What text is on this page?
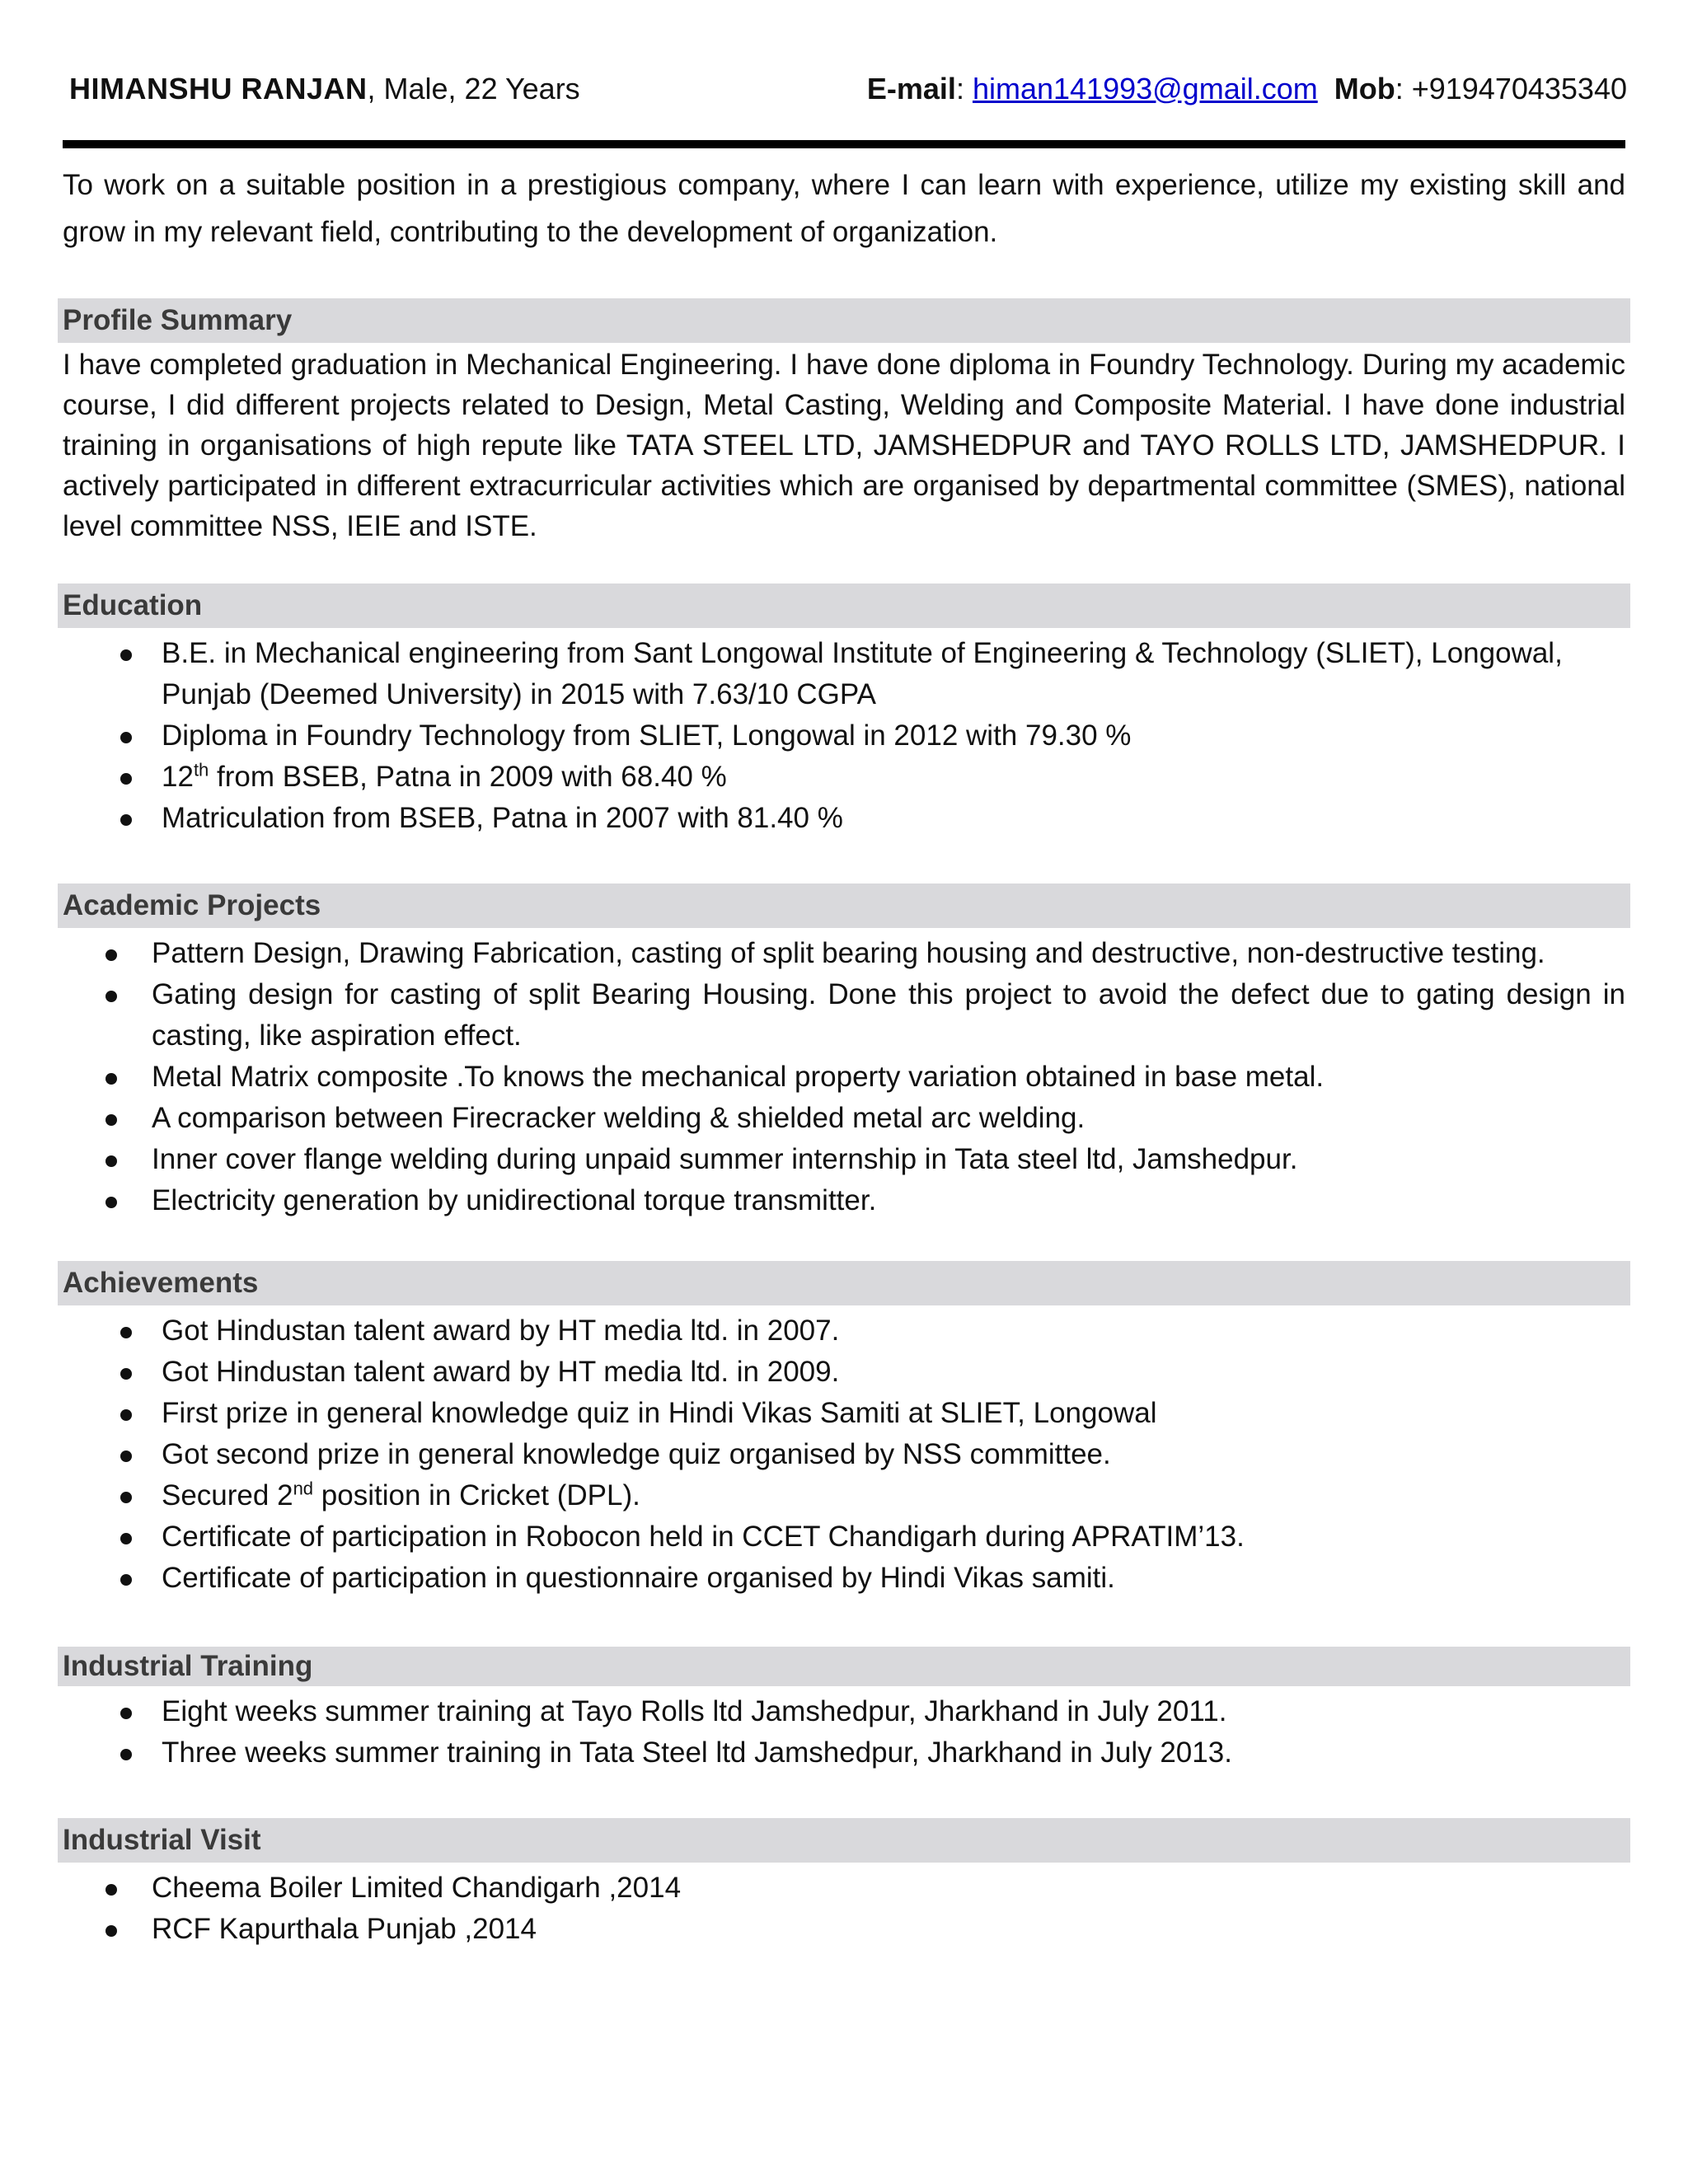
HIMANSHU RANJAN, Male, 22 Years	E-mail: himan141993@gmail.com Mob: +919470435340
To work on a suitable position in a prestigious company, where I can learn with experience, utilize my existing skill and grow in my relevant field, contributing to the development of organization.
Profile Summary
I have completed graduation in Mechanical Engineering. I have done diploma in Foundry Technology. During my academic course, I did different projects related to Design, Metal Casting, Welding and Composite Material. I have done industrial training in organisations of high repute like TATA STEEL LTD, JAMSHEDPUR and TAYO ROLLS LTD, JAMSHEDPUR. I actively participated in different extracurricular activities which are organised by departmental committee (SMES), national level committee NSS, IEIE and ISTE.
Education
B.E. in Mechanical engineering from Sant Longowal Institute of Engineering & Technology (SLIET), Longowal, Punjab (Deemed University) in 2015 with 7.63/10 CGPA
Diploma in Foundry Technology from SLIET, Longowal in 2012 with 79.30 %
12th from BSEB, Patna in 2009 with 68.40 %
Matriculation from BSEB, Patna in 2007 with 81.40 %
Academic Projects
Pattern Design, Drawing Fabrication, casting of split bearing housing and destructive, non-destructive testing.
Gating design for casting of split Bearing Housing. Done this project to avoid the defect due to gating design in casting, like aspiration effect.
Metal Matrix composite .To knows the mechanical property variation obtained in base metal.
A comparison between Firecracker welding & shielded metal arc welding.
Inner cover flange welding during unpaid summer internship in Tata steel ltd, Jamshedpur.
Electricity generation by unidirectional torque transmitter.
Achievements
Got Hindustan talent award by HT media ltd. in 2007.
Got Hindustan talent award by HT media ltd. in 2009.
First prize in general knowledge quiz in Hindi Vikas Samiti at SLIET, Longowal
Got second prize in general knowledge quiz organised by NSS committee.
Secured 2nd position in Cricket (DPL).
Certificate of participation in Robocon held in CCET Chandigarh during APRATIM’13.
Certificate of participation in questionnaire organised by Hindi Vikas samiti.
Industrial Training
Eight weeks summer training at Tayo Rolls ltd Jamshedpur, Jharkhand in July 2011.
Three weeks summer training in Tata Steel ltd Jamshedpur, Jharkhand in July 2013.
Industrial Visit
Cheema Boiler Limited Chandigarh ,2014
RCF Kapurthala Punjab ,2014
